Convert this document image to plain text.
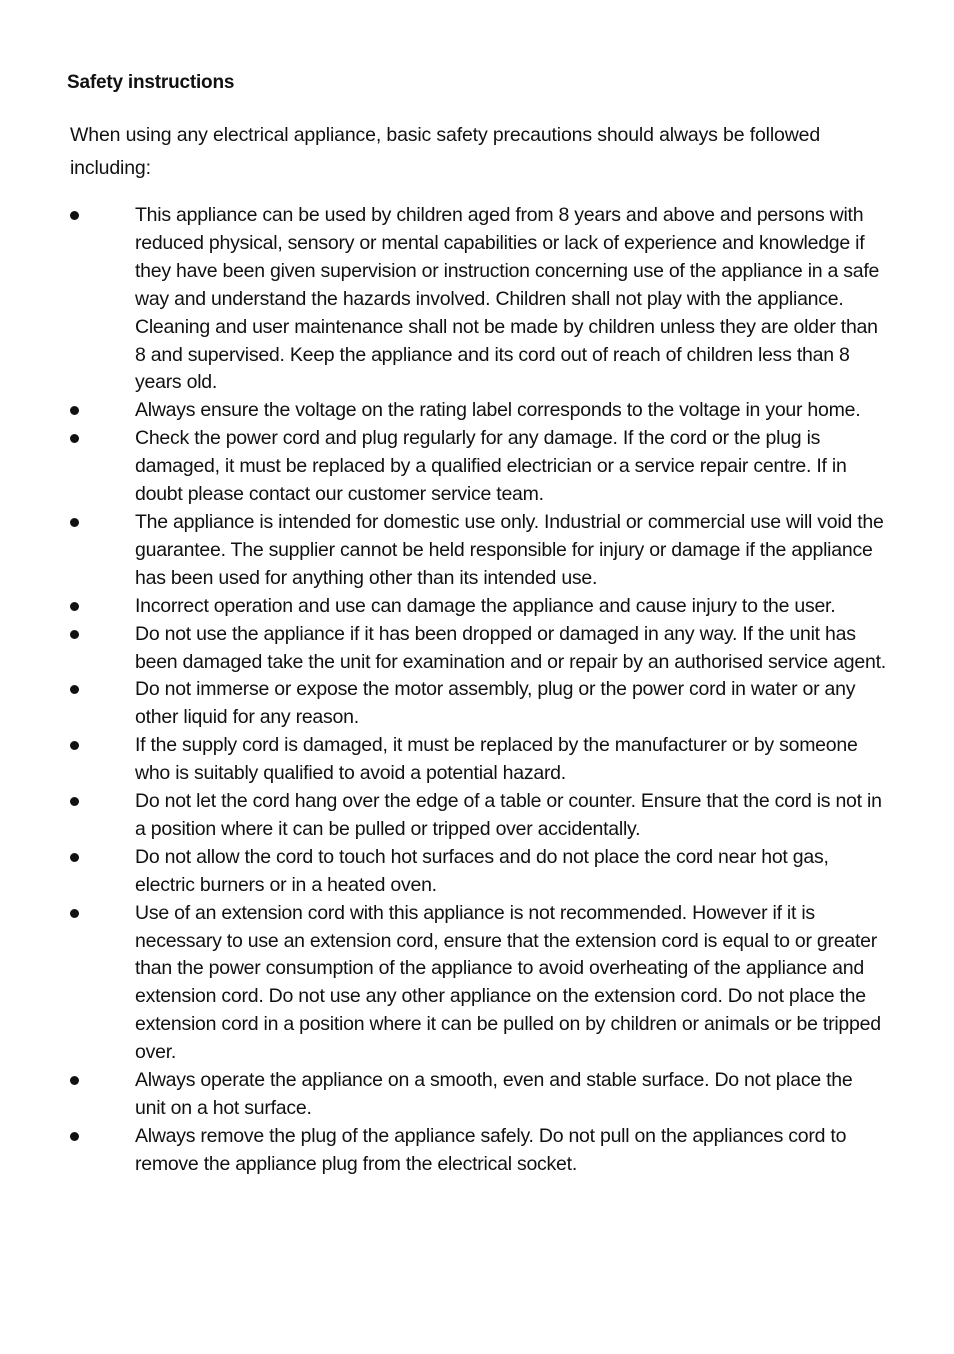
Safety instructions

When using any electrical appliance, basic safety precautions should always be followed including:

This appliance can be used by children aged from 8 years and above and persons with reduced physical, sensory or mental capabilities or lack of experience and knowledge if they have been given supervision or instruction concerning use of the appliance in a safe way and understand the hazards involved. Children shall not play with the appliance. Cleaning and user maintenance shall not be made by children unless they are older than 8 and supervised. Keep the appliance and its cord out of reach of children less than 8 years old.
Always ensure the voltage on the rating label corresponds to the voltage in your home.
Check the power cord and plug regularly for any damage. If the cord or the plug is damaged, it must be replaced by a qualified electrician or a service repair centre. If in doubt please contact our customer service team.
The appliance is intended for domestic use only. Industrial or commercial use will void the guarantee. The supplier cannot be held responsible for injury or damage if the appliance has been used for anything other than its intended use.
Incorrect operation and use can damage the appliance and cause injury to the user.
Do not use the appliance if it has been dropped or damaged in any way. If the unit has been damaged take the unit for examination and or repair by an authorised service agent.
Do not immerse or expose the motor assembly, plug or the power cord in water or any other liquid for any reason.
If the supply cord is damaged, it must be replaced by the manufacturer or by someone who is suitably qualified to avoid a potential hazard.
Do not let the cord hang over the edge of a table or counter. Ensure that the cord is not in a position where it can be pulled or tripped over accidentally.
Do not allow the cord to touch hot surfaces and do not place the cord near hot gas, electric burners or in a heated oven.
Use of an extension cord with this appliance is not recommended. However if it is necessary to use an extension cord, ensure that the extension cord is equal to or greater than the power consumption of the appliance to avoid overheating of the appliance and extension cord. Do not use any other appliance on the extension cord. Do not place the extension cord in a position where it can be pulled on by children or animals or be tripped over.
Always operate the appliance on a smooth, even and stable surface. Do not place the unit on a hot surface.
Always remove the plug of the appliance safely. Do not pull on the appliances cord to remove the appliance plug from the electrical socket.
